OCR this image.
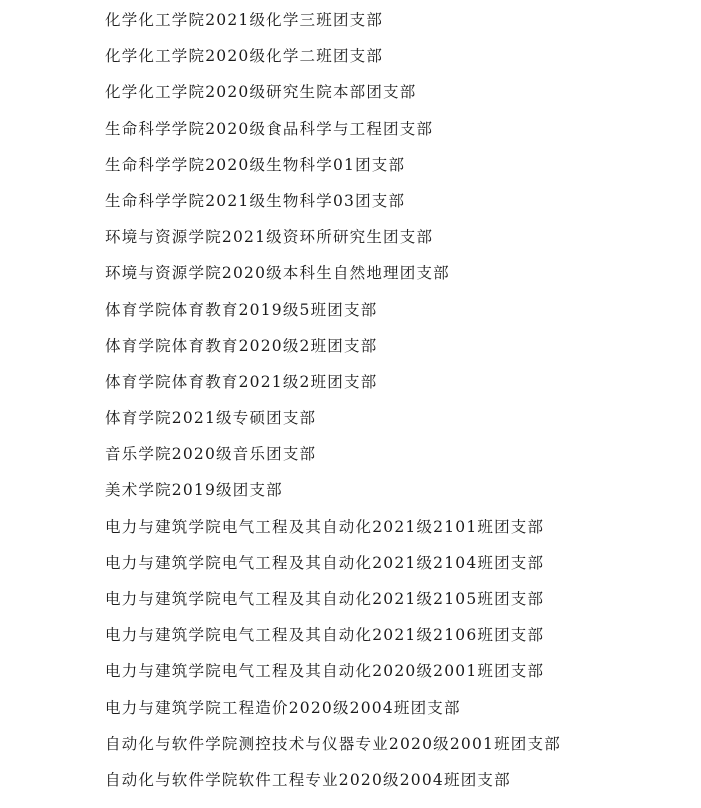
化学化工学院2021级化学三班团支部
化学化工学院2020级化学二班团支部
化学化工学院2020级研究生院本部团支部
生命科学学院2020级食品科学与工程团支部
生命科学学院2020级生物科学01团支部
生命科学学院2021级生物科学03团支部
环境与资源学院2021级资环所研究生团支部
环境与资源学院2020级本科生自然地理团支部
体育学院体育教育2019级5班团支部
体育学院体育教育2020级2班团支部
体育学院体育教育2021级2班团支部
体育学院2021级专硕团支部
音乐学院2020级音乐团支部
美术学院2019级团支部
电力与建筑学院电气工程及其自动化2021级2101班团支部
电力与建筑学院电气工程及其自动化2021级2104班团支部
电力与建筑学院电气工程及其自动化2021级2105班团支部
电力与建筑学院电气工程及其自动化2021级2106班团支部
电力与建筑学院电气工程及其自动化2020级2001班团支部
电力与建筑学院工程造价2020级2004班团支部
自动化与软件学院测控技术与仪器专业2020级2001班团支部
自动化与软件学院软件工程专业2020级2004班团支部
